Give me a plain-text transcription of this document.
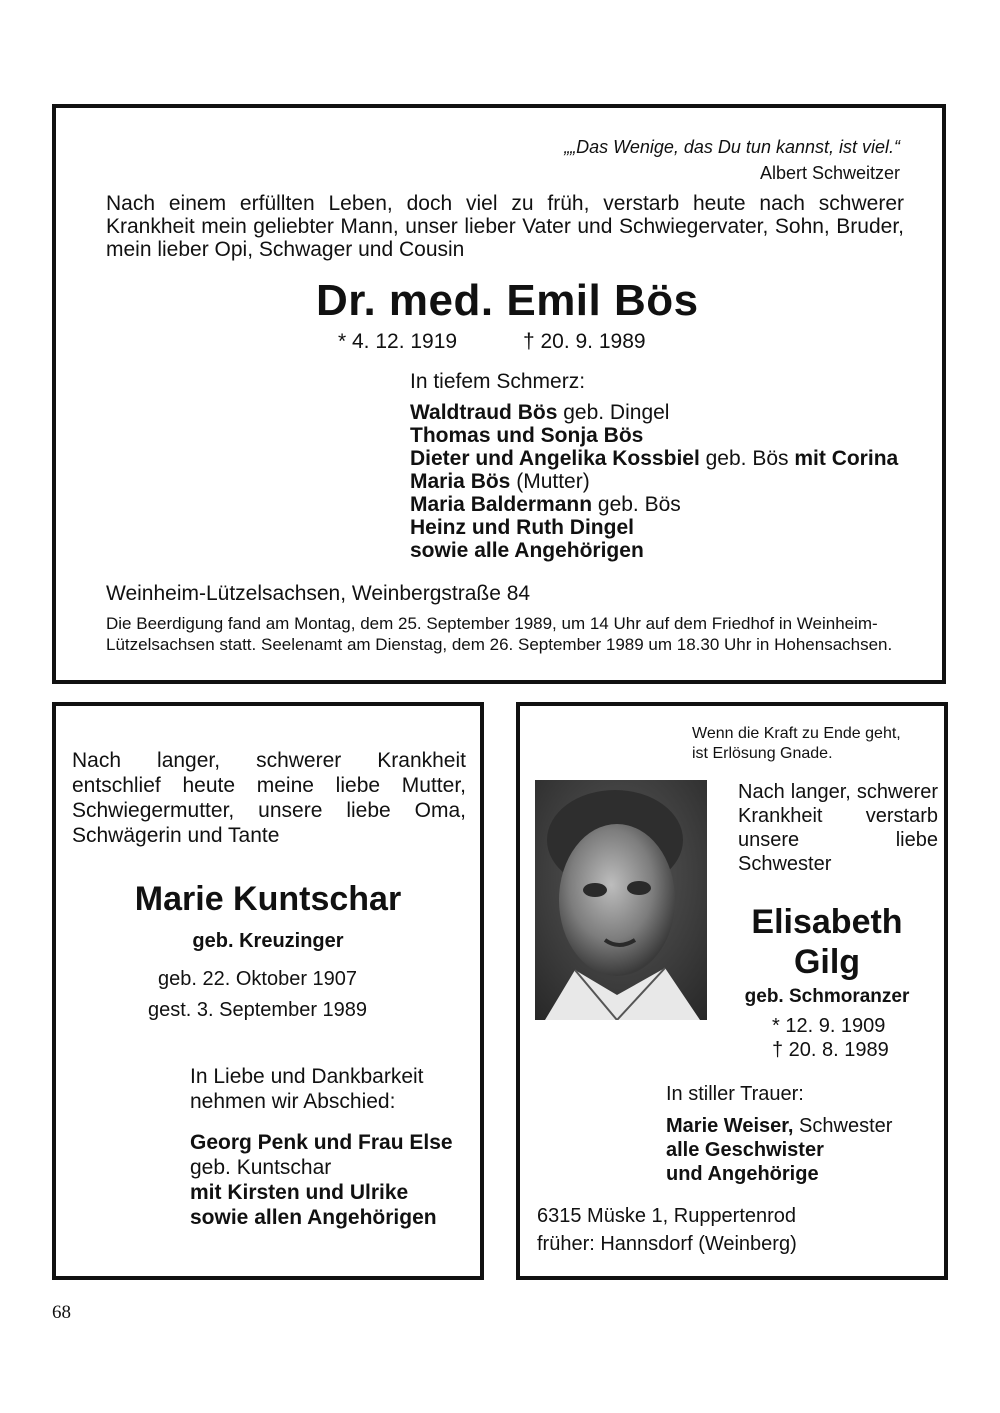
„„Das Wenige, das Du tun kannst, ist viel.“
Albert Schweitzer
Nach einem erfüllten Leben, doch viel zu früh, verstarb heute nach schwerer Krankheit mein geliebter Mann, unser lieber Vater und Schwiegervater, Sohn, Bruder, mein lieber Opi, Schwager und Cousin
Dr. med. Emil Bös
* 4. 12. 1919	† 20. 9. 1989
In tiefem Schmerz:
Waldtraud Bös geb. Dingel
Thomas und Sonja Bös
Dieter und Angelika Kossbiel geb. Bös mit Corina
Maria Bös (Mutter)
Maria Baldermann geb. Bös
Heinz und Ruth Dingel
sowie alle Angehörigen
Weinheim-Lützelsachsen, Weinbergstraße 84
Die Beerdigung fand am Montag, dem 25. September 1989, um 14 Uhr auf dem Friedhof in Weinheim-Lützelsachsen statt. Seelenamt am Dienstag, dem 26. September 1989 um 18.30 Uhr in Hohensachsen.
Nach langer, schwerer Krankheit entschlief heute meine liebe Mutter, Schwiegermutter, unsere liebe Oma, Schwägerin und Tante
Marie Kuntschar
geb. Kreuzinger
geb. 22. Oktober 1907
gest. 3. September 1989
In Liebe und Dankbarkeit
nehmen wir Abschied:
Georg Penk und Frau Else
geb. Kuntschar
mit Kirsten und Ulrike
sowie allen Angehörigen
Wenn die Kraft zu Ende geht,
ist Erlösung Gnade.
Nach langer, schwerer Krankheit verstarb unsere liebe Schwester
Elisabeth
Gilg
geb. Schmoranzer
* 12. 9. 1909
† 20. 8. 1989
In stiller Trauer:
Marie Weiser, Schwester
alle Geschwister
und Angehörige
6315 Müske 1, Ruppertenrod
früher: Hannsdorf (Weinberg)
68
